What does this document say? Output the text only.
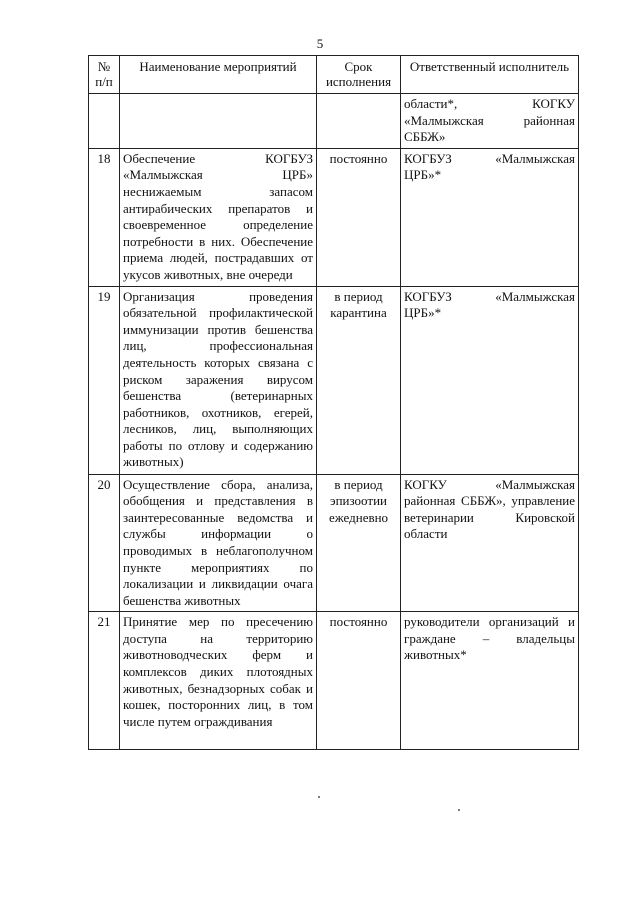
5
№ п/п	Наименование мероприятий	Срок исполнения	Ответственный исполнитель
			области*, КОГКУ «Малмыжская районная СББЖ»
18	Обеспечение КОГБУЗ «Малмыжская ЦРБ» неснижаемым запасом антирабических препаратов и своевременное определение потребности в них. Обеспечение приема людей, пострадавших от укусов животных, вне очереди	постоянно	КОГБУЗ «Малмыжская ЦРБ»*
19	Организация проведения обязательной профилактической иммунизации против бешенства лиц, профессиональная деятельность которых связана с риском заражения вирусом бешенства (ветеринарных работников, охотников, егерей, лесников, лиц, выполняющих работы по отлову и содержанию животных)	в период карантина	КОГБУЗ «Малмыжская ЦРБ»*
20	Осуществление сбора, анализа, обобщения и представления в заинтересованные ведомства и службы информации о проводимых в неблагополучном пункте мероприятиях по локализации и ликвидации очага бешенства животных	в период эпизоотии ежедневно	КОГКУ «Малмыжская районная СББЖ», управление ветеринарии Кировской области
21	Принятие мер по пресечению доступа на территорию животноводческих ферм и комплексов диких плотоядных животных, безнадзорных собак и кошек, посторонних лиц, в том числе путем ограждивания	постоянно	руководители организаций и граждане – владельцы животных*
